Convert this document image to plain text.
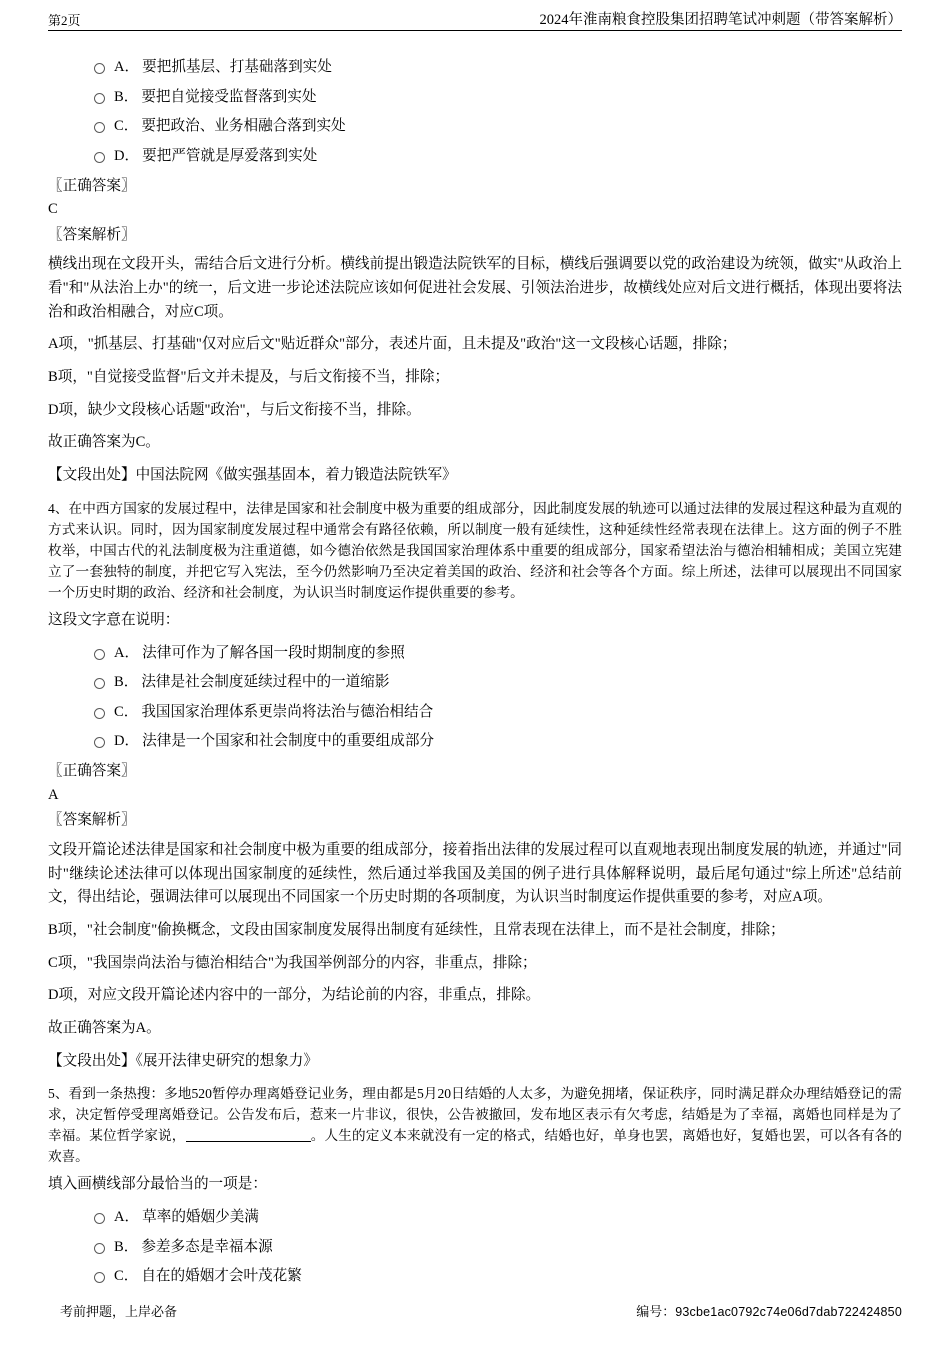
第2页	2024年淮南粮食控股集团招聘笔试冲刺题（带答案解析）
A． 要把抓基层、打基础落到实处
B． 要把自觉接受监督落到实处
C． 要把政治、业务相融合落到实处
D． 要把严管就是厚爱落到实处
〖正确答案〗
C
〖答案解析〗

横线出现在文段开头，需结合后文进行分析。横线前提出锻造法院铁军的目标，横线后强调要以党的政治建设为统领，做实"从政治上看"和"从法治上办"的统一，后文进一步论述法院应该如何促进社会发展、引领法治进步，故横线处应对后文进行概括，体现出要将法治和政治相融合，对应C项。

A项，"抓基层、打基础"仅对应后文"贴近群众"部分，表述片面，且未提及"政治"这一文段核心话题，排除；

B项，"自觉接受监督"后文并未提及，与后文衔接不当，排除；

D项，缺少文段核心话题"政治"，与后文衔接不当，排除。

故正确答案为C。

【文段出处】中国法院网《做实强基固本，着力锻造法院铁军》

4、在中西方国家的发展过程中，法律是国家和社会制度中极为重要的组成部分，因此制度发展的轨迹可以通过法律的发展过程这种最为直观的方式来认识。同时，因为国家制度发展过程中通常会有路径依赖，所以制度一般有延续性，这种延续性经常表现在法律上。这方面的例子不胜枚举，中国古代的礼法制度极为注重道德，如今德治依然是我国国家治理体系中重要的组成部分，国家希望法治与德治相辅相成；美国立宪建立了一套独特的制度，并把它写入宪法，至今仍然影响乃至决定着美国的政治、经济和社会等各个方面。综上所述，法律可以展现出不同国家一个历史时期的政治、经济和社会制度，为认识当时制度运作提供重要的参考。

这段文字意在说明：

A． 法律可作为了解各国一段时期制度的参照
B． 法律是社会制度延续过程中的一道缩影
C． 我国国家治理体系更崇尚将法治与德治相结合
D． 法律是一个国家和社会制度中的重要组成部分
〖正确答案〗
A
〖答案解析〗

文段开篇论述法律是国家和社会制度中极为重要的组成部分，接着指出法律的发展过程可以直观地表现出制度发展的轨迹，并通过"同时"继续论述法律可以体现出国家制度的延续性，然后通过举我国及美国的例子进行具体解释说明，最后尾句通过"综上所述"总结前文，得出结论，强调法律可以展现出不同国家一个历史时期的各项制度，为认识当时制度运作提供重要的参考，对应A项。

B项，"社会制度"偷换概念，文段由国家制度发展得出制度有延续性，且常表现在法律上，而不是社会制度，排除；

C项，"我国崇尚法治与德治相结合"为我国举例部分的内容，非重点，排除；

D项，对应文段开篇论述内容中的一部分，为结论前的内容，非重点，排除。

故正确答案为A。

【文段出处】《展开法律史研究的想象力》

5、看到一条热搜：多地520暂停办理离婚登记业务，理由都是5月20日结婚的人太多，为避免拥堵，保证秩序，同时满足群众办理结婚登记的需求，决定暂停受理离婚登记。公告发布后，惹来一片非议，很快，公告被撤回，发布地区表示有欠考虑，结婚是为了幸福，离婚也同样是为了幸福。某位哲学家说，	。人生的定义本来就没有一定的格式，结婚也好，单身也罢，离婚也好，复婚也罢，可以各有各的欢喜。

填入画横线部分最恰当的一项是：

A． 草率的婚姻少美满
B． 参差多态是幸福本源
C． 自在的婚姻才会叶茂花繁
考前押题，上岸必备	编号：93cbe1ac0792c74e06d7dab722424850
